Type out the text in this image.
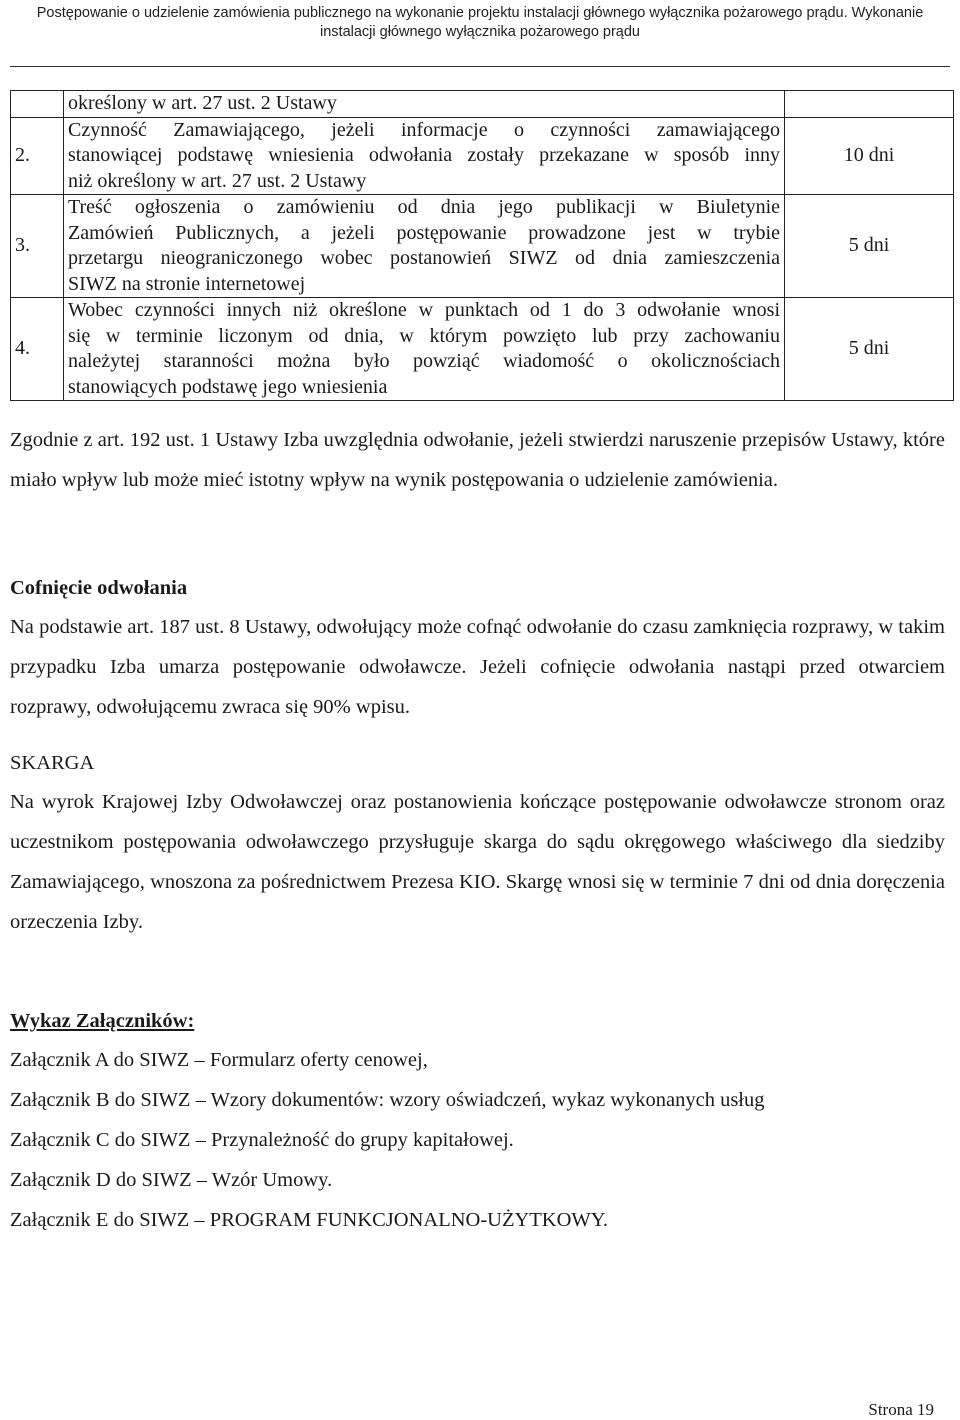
Postępowanie o udzielenie zamówienia publicznego na wykonanie projektu instalacji głównego wyłącznika pożarowego prądu. Wykonanie
instalacji głównego wyłącznika pożarowego prądu

	określony w art. 27 ust. 2 Ustawy	

2.	Czynność Zamawiającego, jeżeli informacje o czynności zamawiającego
stanowiącej podstawę wniesienia odwołania zostały przekazane w sposób inny
niż określony w art. 27 ust. 2 Ustawy	10 dni
3.	Treść ogłoszenia o zamówieniu od dnia jego publikacji w Biuletynie
Zamówień Publicznych, a jeżeli postępowanie prowadzone jest w trybie
przetargu nieograniczonego wobec postanowień SIWZ od dnia zamieszczenia
SIWZ na stronie internetowej	5 dni
4.	Wobec czynności innych niż określone w punktach od 1 do 3 odwołanie wnosi
się w terminie liczonym od dnia, w którym powzięto lub przy zachowaniu
należytej staranności można było powziąć wiadomość o okolicznościach
stanowiących podstawę jego wniesienia	5 dni

Zgodnie z art. 192 ust. 1 Ustawy Izba uwzględnia odwołanie, jeżeli stwierdzi naruszenie przepisów Ustawy, które miało wpływ lub może mieć istotny wpływ na wynik postępowania o udzielenie zamówienia.

Cofnięcie odwołania

Na podstawie art. 187 ust. 8 Ustawy, odwołujący może cofnąć odwołanie do czasu zamknięcia rozprawy, w takim przypadku Izba umarza postępowanie odwoławcze. Jeżeli cofnięcie odwołania nastąpi przed otwarciem rozprawy, odwołującemu zwraca się 90% wpisu.

SKARGA

Na wyrok Krajowej Izby Odwoławczej oraz postanowienia kończące postępowanie odwoławcze stronom oraz uczestnikom postępowania odwoławczego przysługuje skarga do sądu okręgowego właściwego dla siedziby Zamawiającego, wnoszona za pośrednictwem Prezesa KIO. Skargę wnosi się w terminie 7 dni od dnia doręczenia orzeczenia Izby.

Wykaz Załączników:
Załącznik A do SIWZ – Formularz oferty cenowej,
Załącznik B do SIWZ – Wzory dokumentów: wzory oświadczeń, wykaz wykonanych usług
Załącznik C do SIWZ – Przynależność do grupy kapitałowej.
Załącznik D do SIWZ – Wzór Umowy.
Załącznik E do SIWZ – PROGRAM FUNKCJONALNO-UŻYTKOWY.
Strona 19
